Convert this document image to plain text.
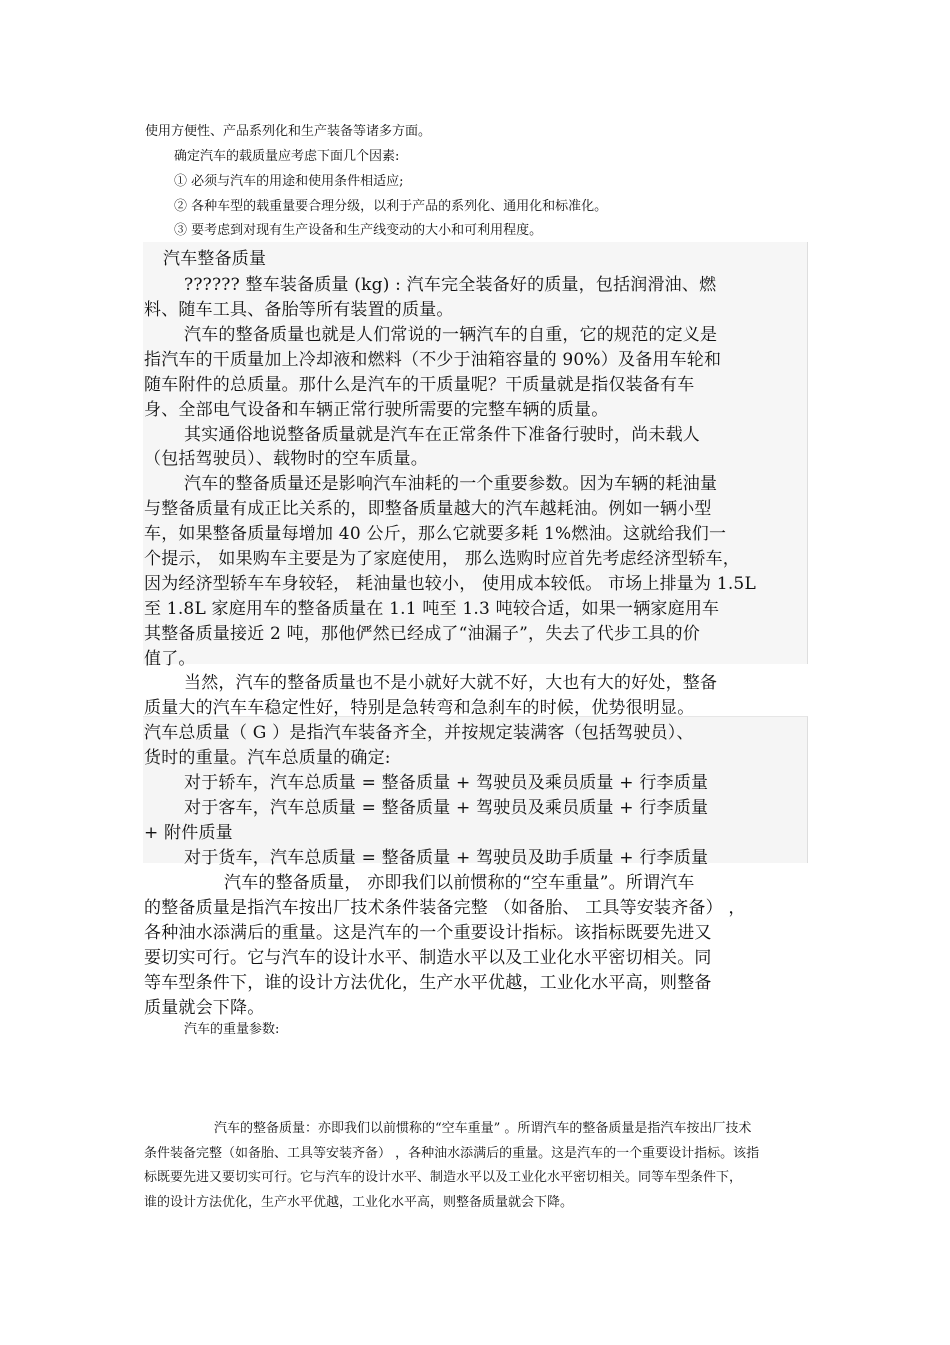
使用方便性、产品系列化和生产装备等诸多方面。
确定汽车的载质量应考虑下面几个因素:
① 必须与汽车的用途和使用条件相适应;
② 各种车型的载重量要合理分级，以利于产品的系列化、通用化和标准化。
③ 要考虑到对现有生产设备和生产线变动的大小和可利用程度。
汽车整备质量
?????? 整车装备质量 (kg) : 汽车完全装备好的质量，包括润滑油、燃
料、随车工具、备胎等所有装置的质量。
汽车的整备质量也就是人们常说的一辆汽车的自重，它的规范的定义是
指汽车的干质量加上冷却液和燃料（不少于油箱容量的 90%）及备用车轮和
随车附件的总质量。那什么是汽车的干质量呢？干质量就是指仅装备有车
身、全部电气设备和车辆正常行驶所需要的完整车辆的质量。
其实通俗地说整备质量就是汽车在正常条件下准备行驶时，尚未载人
（包括驾驶员）、载物时的空车质量。
汽车的整备质量还是影响汽车油耗的一个重要参数。因为车辆的耗油量
与整备质量有成正比关系的，即整备质量越大的汽车越耗油。例如一辆小型
车，如果整备质量每增加 40 公斤，那么它就要多耗 1%燃油。这就给我们一
个提示， 如果购车主要是为了家庭使用， 那么选购时应首先考虑经济型轿车，
因为经济型轿车车身较轻， 耗油量也较小， 使用成本较低。 市场上排量为 1.5L
至 1.8L 家庭用车的整备质量在 1.1 吨至 1.3 吨较合适，如果一辆家庭用车
其整备质量接近 2 吨，那他俨然已经成了“油漏子”，失去了代步工具的价
值了。
当然，汽车的整备质量也不是小就好大就不好，大也有大的好处，整备
质量大的汽车车稳定性好，特别是急转弯和急刹车的时候，优势很明显。
汽车总质量（ G ）是指汽车装备齐全，并按规定装满客（包括驾驶员）、
货时的重量。汽车总质量的确定:
对于轿车，汽车总质量 = 整备质量 + 驾驶员及乘员质量 + 行李质量
对于客车，汽车总质量 = 整备质量 + 驾驶员及乘员质量 + 行李质量
+ 附件质量
对于货车，汽车总质量 = 整备质量 + 驾驶员及助手质量 + 行李质量
汽车的整备质量， 亦即我们以前惯称的“空车重量”。所谓汽车
的整备质量是指汽车按出厂技术条件装备完整 （如备胎、 工具等安装齐备） ，
各种油水添满后的重量。这是汽车的一个重要设计指标。该指标既要先进又
要切实可行。它与汽车的设计水平、制造水平以及工业化水平密切相关。同
等车型条件下，谁的设计方法优化，生产水平优越，工业化水平高，则整备
质量就会下降。
汽车的重量参数:
汽车的整备质量：亦即我们以前惯称的“空车重量” 。所谓汽车的整备质量是指汽车按出厂技术
条件装备完整（如备胎、工具等安装齐备） ，各种油水添满后的重量。这是汽车的一个重要设计指标。该指
标既要先进又要切实可行。它与汽车的设计水平、制造水平以及工业化水平密切相关。同等车型条件下，
谁的设计方法优化，生产水平优越，工业化水平高，则整备质量就会下降。
